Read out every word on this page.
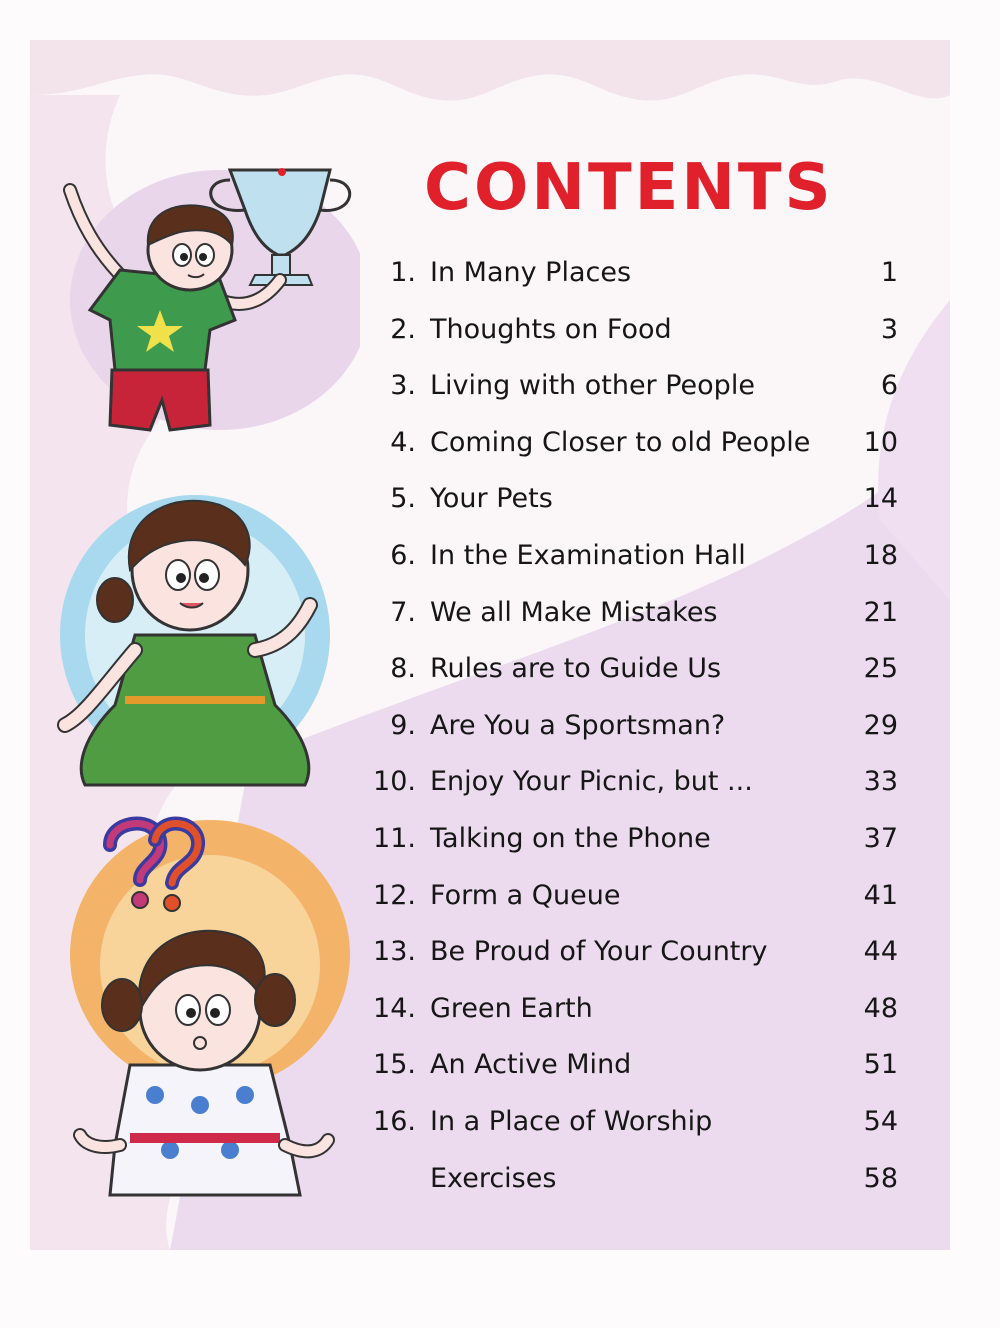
CONTENTS
1. In Many Places	1
2. Thoughts on Food	3
3. Living with other People	6
4. Coming Closer to old People	10
5. Your Pets	14
6. In the Examination Hall	18
7. We all Make Mistakes	21
8. Rules are to Guide Us	25
9. Are You a Sportsman?	29
10. Enjoy Your Picnic, but ...	33
11. Talking on the Phone	37
12. Form a Queue	41
13. Be Proud of Your Country	44
14. Green Earth	48
15. An Active Mind	51
16. In a Place of Worship	54
Exercises	58
